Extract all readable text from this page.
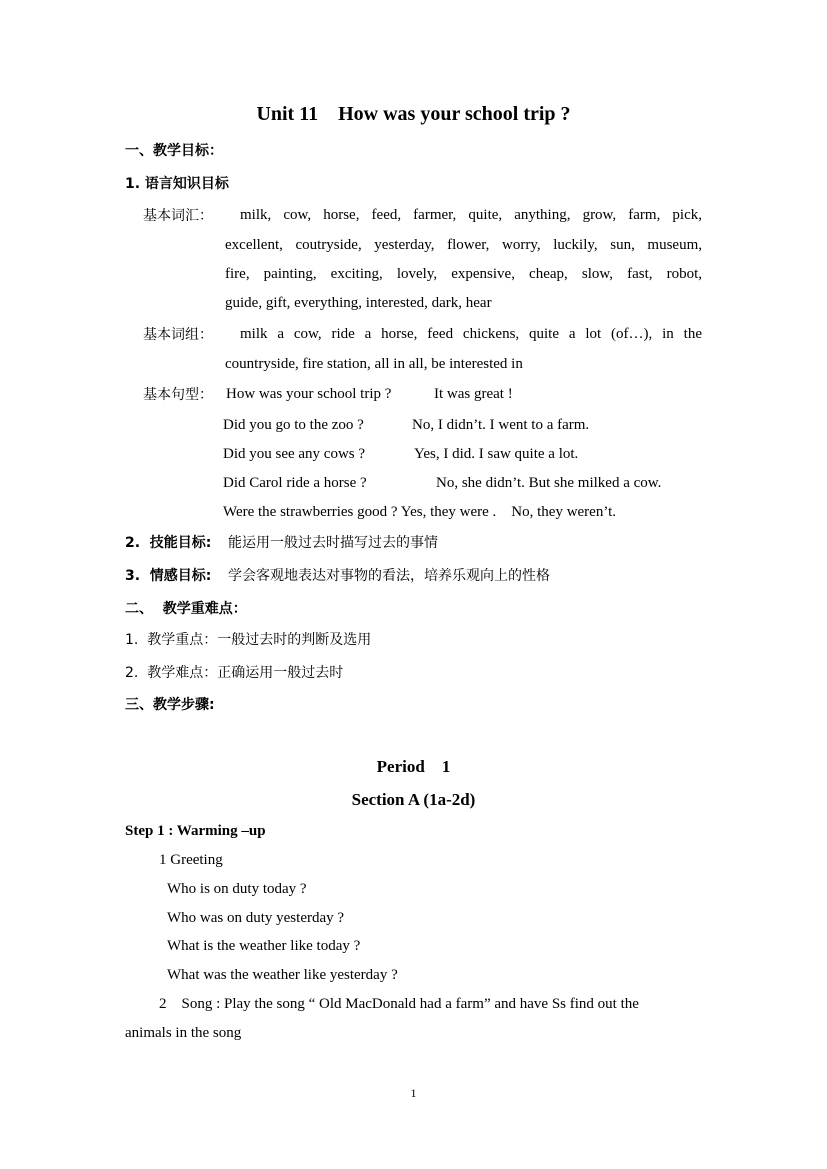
Unit 11    How was your school trip ?
一、教学目标：
1. 语言知识目标
基本词汇： milk, cow, horse, feed, farmer, quite, anything, grow, farm, pick,
excellent, coutryside, yesterday, flower, worry, luckily, sun, museum,
fire, painting, exciting, lovely, expensive, cheap, slow, fast, robot,
guide, gift, everything, interested, dark, hear
基本词组： milk a cow, ride a horse, feed chickens, quite a lot (of…), in the
countryside, fire station, all in all, be interested in
基本句型： How was your school trip ?	It was great !
Did you go to the zoo ?	No, I didn’t. I went to a farm.
Did you see any cows ?	Yes, I did. I saw quite a lot.
Did Carol ride a horse ?	No, she didn’t. But she milked a cow.
Were the strawberries good ? Yes, they were .    No, they weren’t.
2.  技能目标: 能运用一般过去时描写过去的事情
3.  情感目标: 学会客观地表达对事物的看法，培养乐观向上的性格
二、  教学重难点：
1.  教学重点：一般过去时的判断及选用
2.  教学难点：正确运用一般过去时
三、教学步骤:
Period    1
Section A (1a-2d)
Step 1 : Warming –up
1 Greeting
Who is on duty today ?
Who was on duty yesterday ?
What is the weather like today ?
What was the weather like yesterday ?
2    Song : Play the song “ Old MacDonald had a farm” and have Ss find out the
animals in the song
1
